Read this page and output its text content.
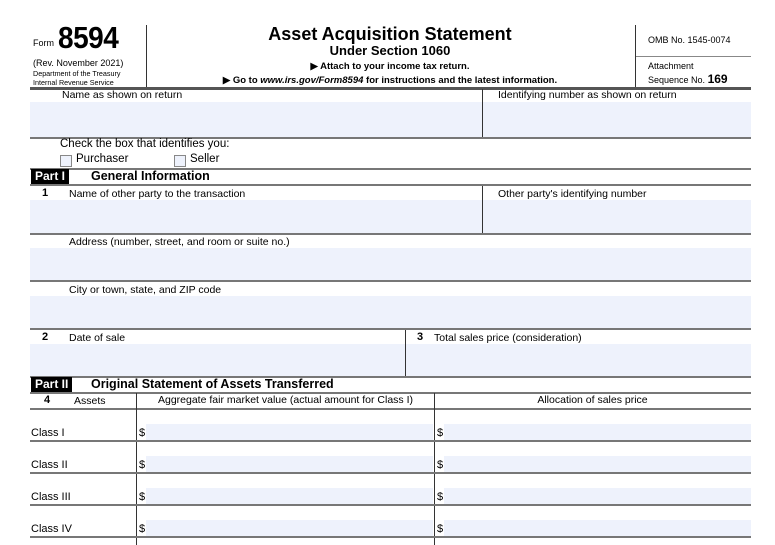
Form 8594
(Rev. November 2021)
Department of the Treasury
Internal Revenue Service
Asset Acquisition Statement
Under Section 1060
▶ Attach to your income tax return.
▶ Go to www.irs.gov/Form8594 for instructions and the latest information.
OMB No. 1545-0074
Attachment
Sequence No. 169
Name as shown on return	Identifying number as shown on return
Check the box that identifies you:
Purchaser	Seller
Part I	General Information
1 Name of other party to the transaction	Other party's identifying number
Address (number, street, and room or suite no.)
City or town, state, and ZIP code
2 Date of sale	3 Total sales price (consideration)
Part II	Original Statement of Assets Transferred
4 Assets	Aggregate fair market value (actual amount for Class I)	Allocation of sales price
Class I	$	$
Class II	$	$
Class III	$	$
Class IV	$	$
